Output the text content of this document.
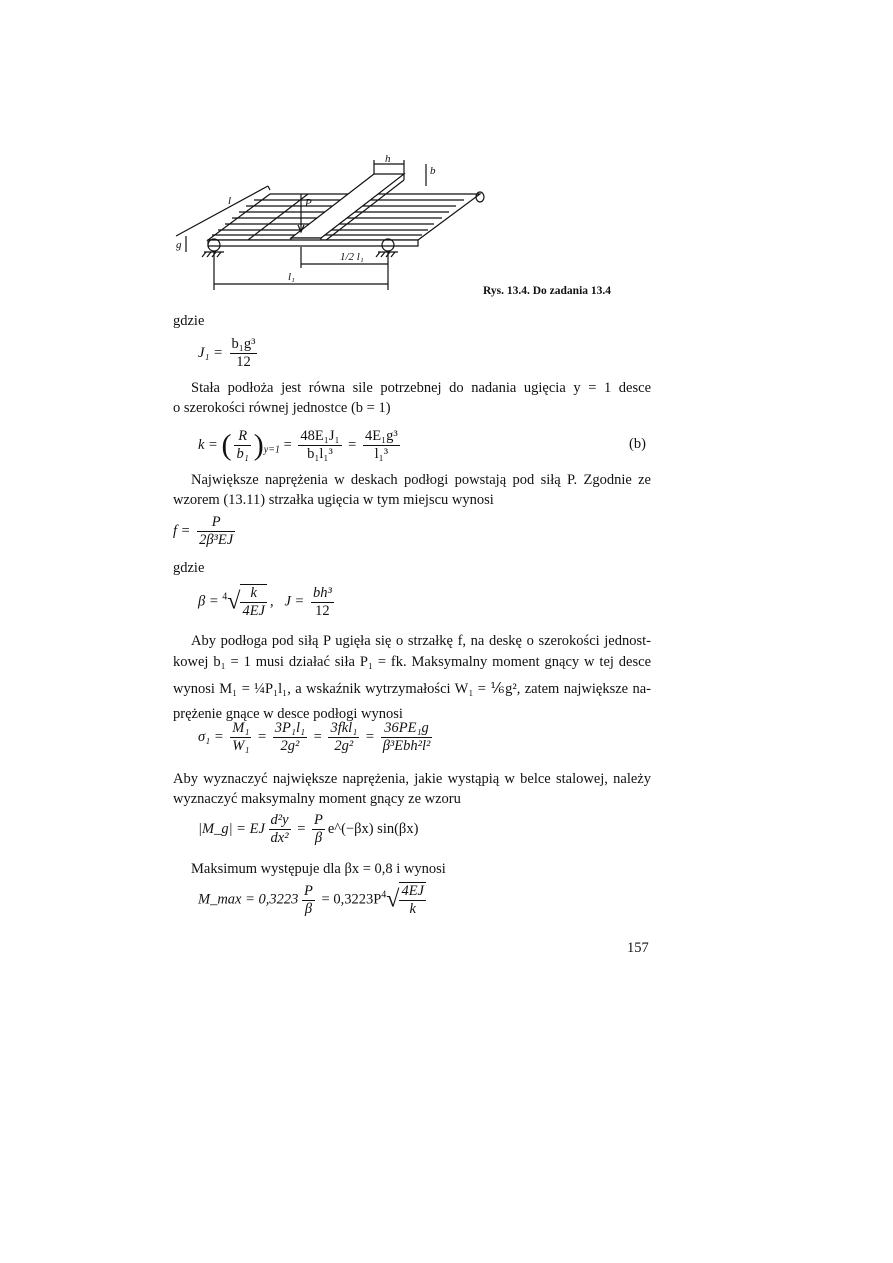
h
b
l	P
g
1/2 l₁
l₁
Rys. 13.4. Do zadania 13.4
gdzie
$J_1 = \frac{\text{b₁g³}}{12}$
Stała podłoża jest równa sile potrzebnej do nadania ugięcia y = 1 desce
o szerokości równej jednostce (b = 1)
k = ( $\frac{R}{\text{b₁}} )_{y=1} = \frac{\text{48E₁J₁}}{\text{b₁l₁³}} = \frac{\text{4E₁g³}}{\text{l₁³}}$	(b)
Największe naprężenia w deskach podłogi powstają pod siłą P. Zgodnie ze
wzorem (13.11) strzałka ugięcia w tym miejscu wynosi
$f = \frac{P}{\text{2β³EJ}}$
gdzie
$\beta = ^4√ \frac{k}{4EJ}$ , $J = \frac{\text{bh³}}{12}$
Aby podłoga pod siłą P ugięła się o strzałkę f, na deskę o szerokości jednost-
kowej b₁ = 1 musi działać siła P₁ = fk. Maksymalny moment gnący w tej desce
wynosi M₁ = ¼P₁l₁, a wskaźnik wytrzymałości W₁ = ⅙g², zatem największe na-
prężenie gnące w desce podłogi wynosi
$\sigma_1 = \frac{\text{M₁}}{\text{W₁}} = \frac{\text{3P₁l₁}}{\text{2g²}} = \frac{\text{3fkl₁}}{\text{2g²}} = \frac{\text{36PE₁g}}{\text{β³Ebh²l²}}$
Aby wyznaczyć największe naprężenia, jakie wystąpią w belce stalowej, należy
wyznaczyć maksymalny moment gnący ze wzoru
|M_g| = EJ $\frac{\text{d²y}}{\text{dx²}} = \frac{P}{\beta}$ e^(−βx) sin(βx)
Maksimum występuje dla βx = 0,8 i wynosi
M_max = $0,3223 \frac{P}{\beta} = 0,3223P^4√ \frac{4EJ}{k}$
157
